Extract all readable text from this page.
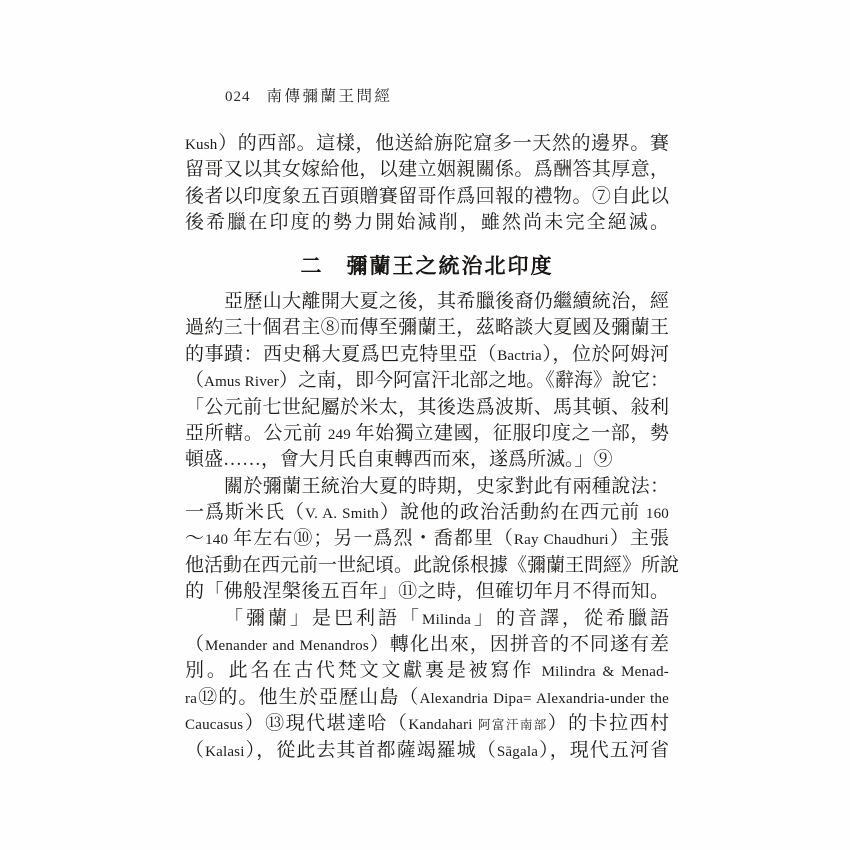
024 南傳彌蘭王問經
Kush）的西部。這樣，他送給旃陀窟多一天然的邊界。賽
留哥又以其女嫁給他，以建立姻親關係。爲酬答其厚意，
後者以印度象五百頭贈賽留哥作爲回報的禮物。⑦自此以
後希臘在印度的勢力開始減削，雖然尚未完全絕滅。
二　彌蘭王之統治北印度
亞歷山大離開大夏之後，其希臘後裔仍繼續統治，經
過約三十個君主⑧而傳至彌蘭王，茲略談大夏國及彌蘭王
的事蹟：西史稱大夏爲巴克特里亞（Bactria），位於阿姆河
（Amus River）之南，即今阿富汗北部之地。《辭海》說它：
「公元前七世紀屬於米太，其後迭爲波斯、馬其頓、敍利
亞所轄。公元前 249 年始獨立建國，征服印度之一部，勢
頓盛……，會大月氏自東轉西而來，遂爲所滅。」⑨
關於彌蘭王統治大夏的時期，史家對此有兩種說法：
一爲斯米氏（V. A. Smith）說他的政治活動約在西元前 160
～140 年左右⑩；另一爲烈・喬都里（Ray Chaudhuri）主張
他活動在西元前一世紀頃。此說係根據《彌蘭王問經》所說
的「佛般涅槃後五百年」⑪之時，但確切年月不得而知。
「彌蘭」是巴利語「Milinda」的音譯，從希臘語
（Menander and Menandros）轉化出來，因拼音的不同遂有差
別。此名在古代梵文文獻裏是被寫作 Milindra & Menad-
ra⑫的。他生於亞歷山島（Alexandria Dipa= Alexandria-under the
Caucasus）⑬現代堪達哈（Kandahari 阿富汗南部）的卡拉西村
（Kalasi），從此去其首都薩竭羅城（Sāgala），現代五河省
